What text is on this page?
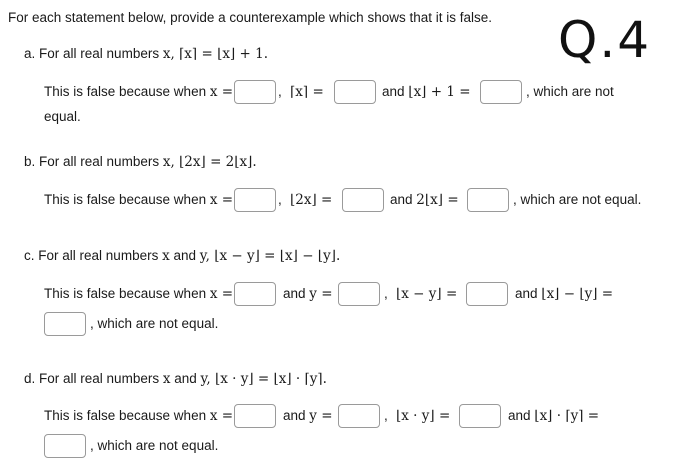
For each statement below, provide a counterexample which shows that it is false. Q.4
a. For all real numbers x, ⌈x⌉ = ⌊x⌋ + 1.
This is false because when x =	, ⌈x⌉ =	and ⌊x⌋ + 1 =	, which are not
equal.
b. For all real numbers x, ⌊2x⌋ = 2⌊x⌋.
This is false because when x =	, ⌊2x⌋ =	and 2⌊x⌋ =	, which are not equal.
c. For all real numbers x and y, ⌊x − y⌋ = ⌊x⌋ − ⌊y⌋.
This is false because when x =	and y =	, ⌊x − y⌋ =	and ⌊x⌋ − ⌊y⌋ =
, which are not equal.
d. For all real numbers x and y, ⌊x · y⌋ = ⌊x⌋ · ⌈y⌉.
This is false because when x =	and y =	, ⌊x · y⌋ =	and ⌊x⌋ · ⌈y⌉ =
, which are not equal.
